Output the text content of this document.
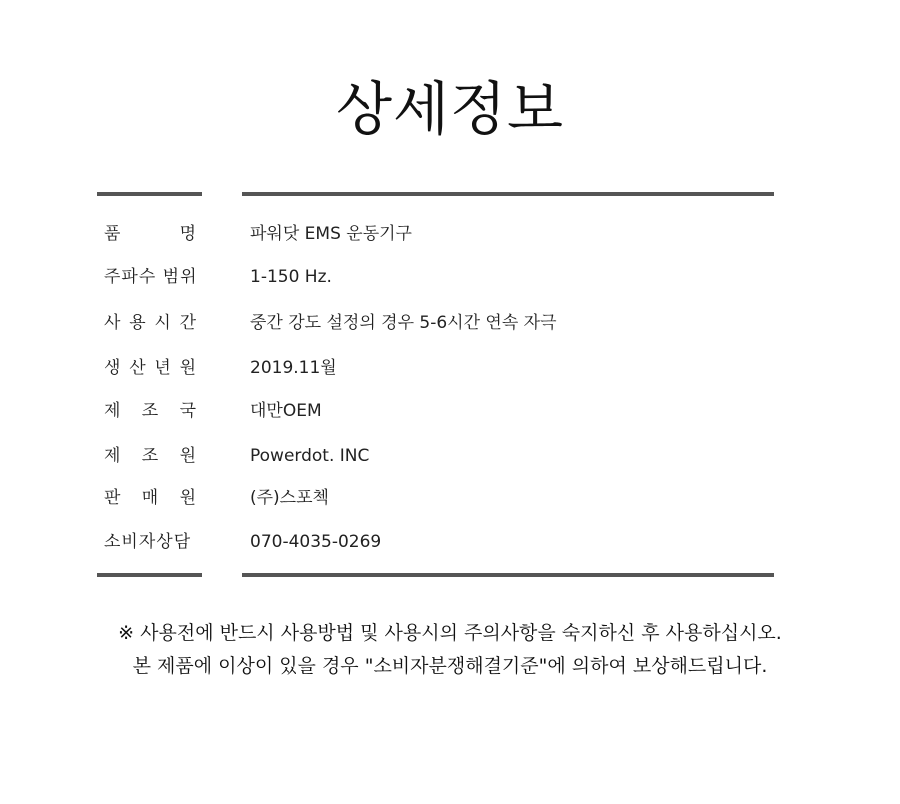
상세정보
품	명	파워닷 EMS 운동기구
주파수 범위	1-150 Hz.
사 용 시 간	중간 강도 설정의 경우 5-6시간 연속 자극
생 산 년 원	2019.11월
제 조 국	대만OEM
제 조 원	Powerdot. INC
판 매 원	(주)스포첵
소비자상담	070-4035-0269
※ 사용전에 반드시 사용방법 및 사용시의 주의사항을 숙지하신 후 사용하십시오.
본 제품에 이상이 있을 경우 "소비자분쟁해결기준"에 의하여 보상해드립니다.
